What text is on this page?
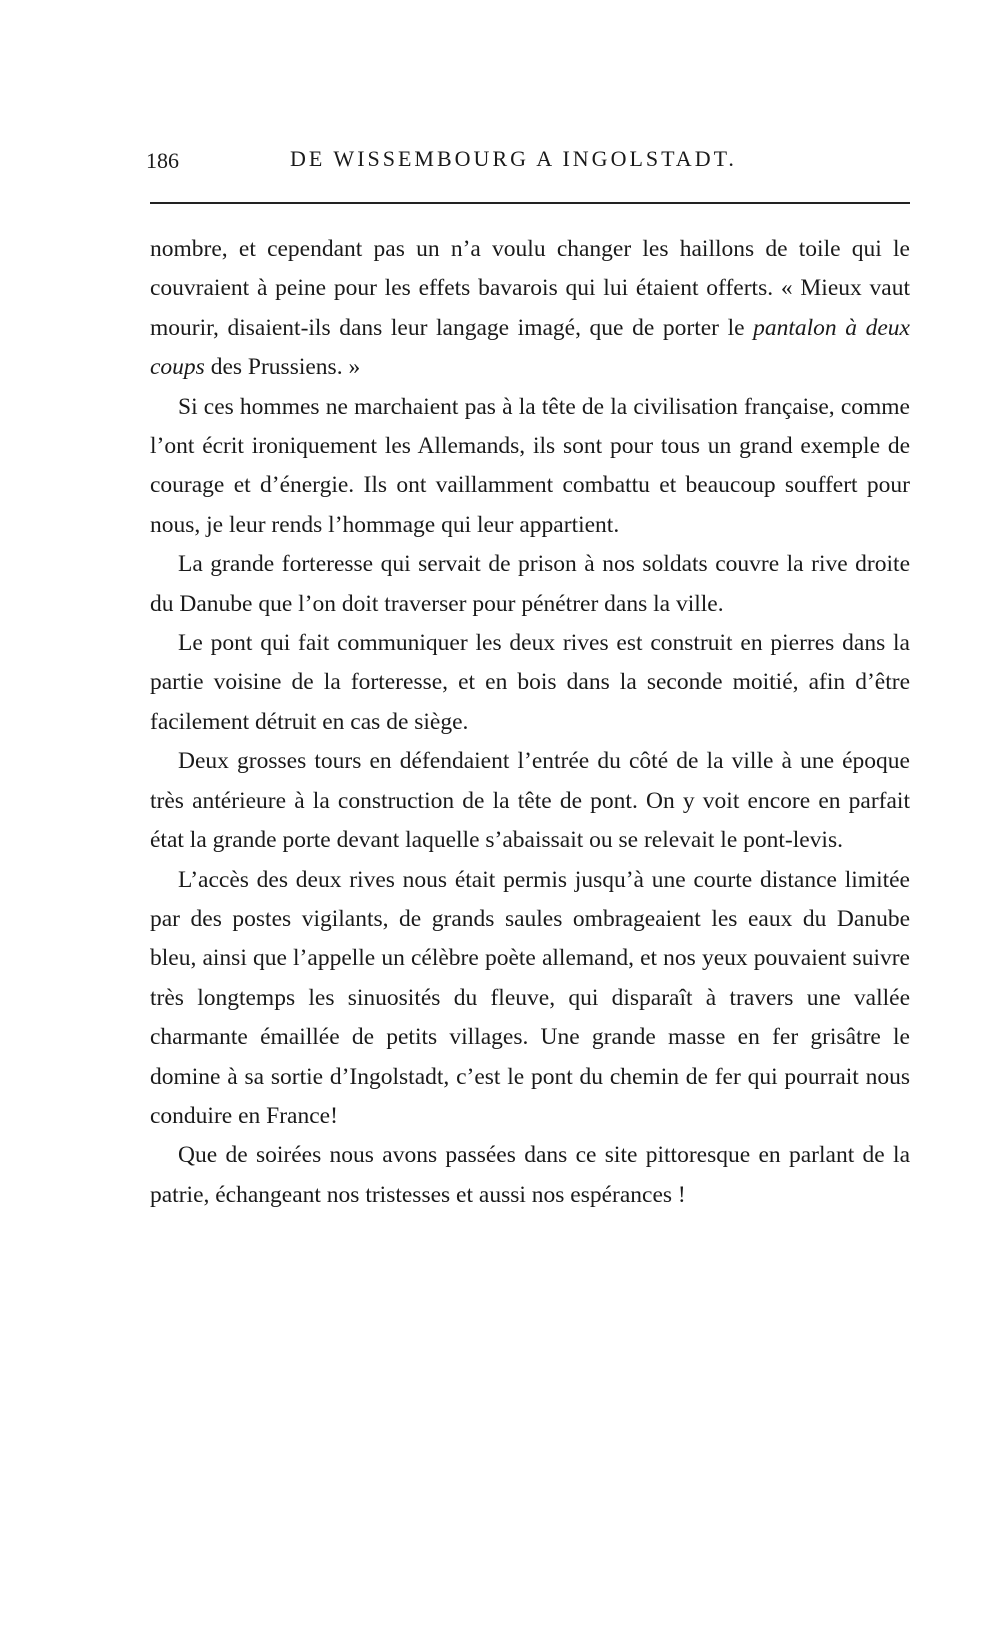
186	DE WISSEMBOURG A INGOLSTADT.

nombre, et cependant pas un n’a voulu changer les haillons de toile qui le couvraient à peine pour les effets bavarois qui lui étaient offerts. « Mieux vaut mourir, disaient-ils dans leur langage imagé, que de porter le pantalon à deux coups des Prussiens. »

Si ces hommes ne marchaient pas à la tête de la civilisation française, comme l’ont écrit ironiquement les Allemands, ils sont pour tous un grand exemple de courage et d’énergie. Ils ont vaillamment combattu et beaucoup souffert pour nous, je leur rends l’hommage qui leur appartient.

La grande forteresse qui servait de prison à nos soldats couvre la rive droite du Danube que l’on doit traverser pour pénétrer dans la ville.

Le pont qui fait communiquer les deux rives est construit en pierres dans la partie voisine de la forteresse, et en bois dans la seconde moitié, afin d’être facilement détruit en cas de siège.

Deux grosses tours en défendaient l’entrée du côté de la ville à une époque très antérieure à la construction de la tête de pont. On y voit encore en parfait état la grande porte devant laquelle s’abaissait ou se relevait le pont-levis.

L’accès des deux rives nous était permis jusqu’à une courte distance limitée par des postes vigilants, de grands saules ombrageaient les eaux du Danube bleu, ainsi que l’appelle un célèbre poète allemand, et nos yeux pouvaient suivre très longtemps les sinuosités du fleuve, qui disparaît à travers une vallée charmante émaillée de petits villages. Une grande masse en fer grisâtre le domine à sa sortie d’Ingolstadt, c’est le pont du chemin de fer qui pourrait nous conduire en France!

Que de soirées nous avons passées dans ce site pittoresque en parlant de la patrie, échangeant nos tristesses et aussi nos espérances !
